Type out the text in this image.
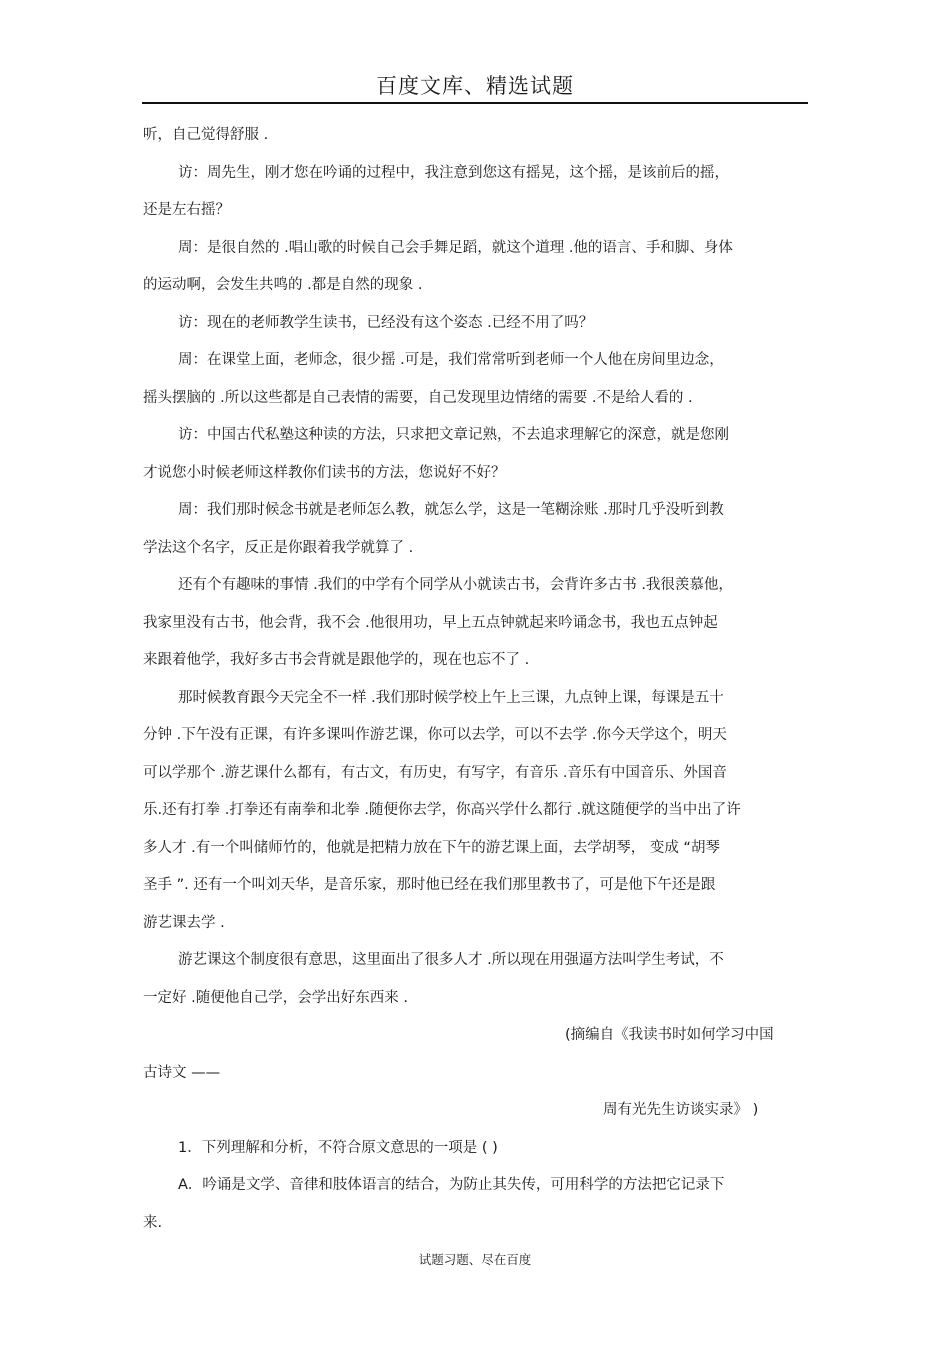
百度文库、精选试题
听，自己觉得舒服 .
访：周先生，刚才您在吟诵的过程中，我注意到您这有摇晃，这个摇，是该前后的摇，
还是左右摇？
周：是很自然的 .唱山歌的时候自己会手舞足蹈，就这个道理 .他的语言、手和脚、身体
的运动啊，会发生共鸣的 .都是自然的现象 .
访：现在的老师教学生读书，已经没有这个姿态 .已经不用了吗？
周：在课堂上面，老师念，很少摇 .可是，我们常常听到老师一个人他在房间里边念，
摇头摆脑的 .所以这些都是自己表情的需要，自己发现里边情绪的需要 .不是给人看的 .
访：中国古代私塾这种读的方法，只求把文章记熟，不去追求理解它的深意，就是您刚
才说您小时候老师这样教你们读书的方法，您说好不好？
周：我们那时候念书就是老师怎么教，就怎么学，这是一笔糊涂账 .那时几乎没听到教
学法这个名字，反正是你跟着我学就算了 .
还有个有趣味的事情 .我们的中学有个同学从小就读古书，会背许多古书 .我很羡慕他，
我家里没有古书，他会背，我不会 .他很用功，早上五点钟就起来吟诵念书，我也五点钟起
来跟着他学，我好多古书会背就是跟他学的，现在也忘不了 .
那时候教育跟今天完全不一样 .我们那时候学校上午上三课，九点钟上课，每课是五十
分钟 .下午没有正课，有许多课叫作游艺课，你可以去学，可以不去学 .你今天学这个，明天
可以学那个 .游艺课什么都有，有古文，有历史，有写字，有音乐 .音乐有中国音乐、外国音
乐.还有打拳 .打拳还有南拳和北拳 .随便你去学，你高兴学什么都行 .就这随便学的当中出了许
多人才 .有一个叫储师竹的，他就是把精力放在下午的游艺课上面，去学胡琴， 变成 “胡琴
圣手 ”. 还有一个叫刘天华，是音乐家，那时他已经在我们那里教书了，可是他下午还是跟
游艺课去学 .
游艺课这个制度很有意思，这里面出了很多人才 .所以现在用强逼方法叫学生考试，不
一定好 .随便他自己学，会学出好东西来 .
(摘编自《我读书时如何学习中国
古诗文 ——
周有光先生访谈实录》 )
1．下列理解和分析，不符合原文意思的一项是 ( )
A．吟诵是文学、音律和肢体语言的结合，为防止其失传，可用科学的方法把它记录下
来.
试题习题、尽在百度
